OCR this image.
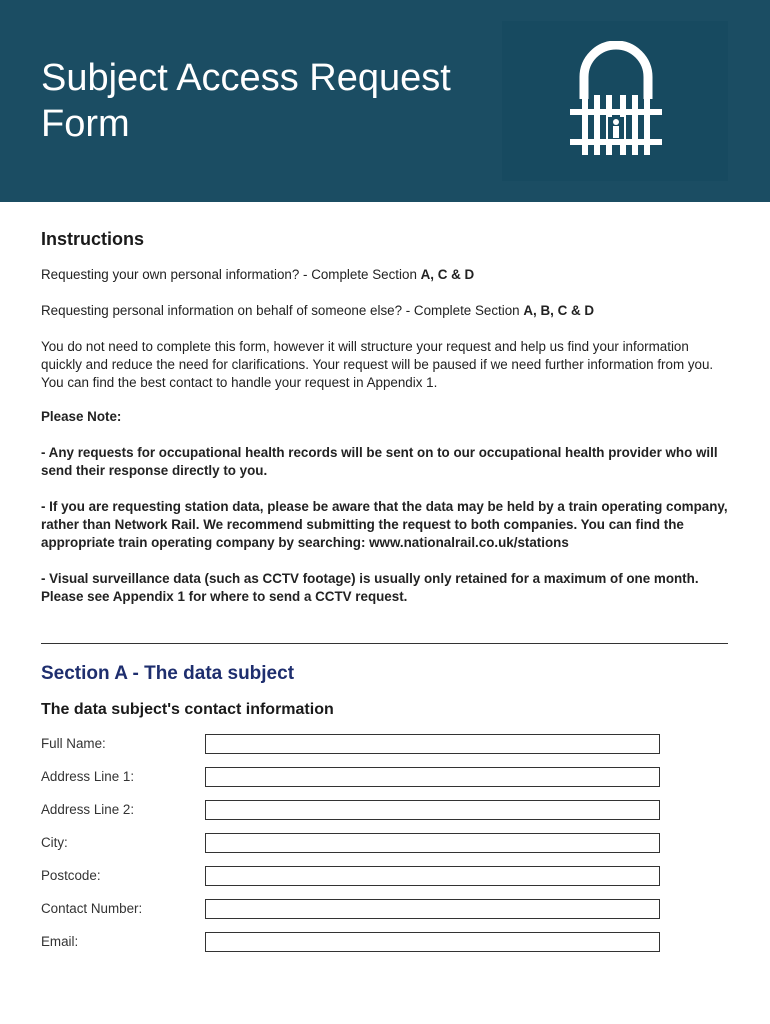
Subject Access Request
Form
Instructions

Requesting your own personal information? - Complete Section A, C & D

Requesting personal information on behalf of someone else? - Complete Section A, B, C & D

You do not need to complete this form, however it will structure your request and help us find your information quickly and reduce the need for clarifications. Your request will be paused if we need further information from you. You can find the best contact to handle your request in Appendix 1.

Please Note:

- Any requests for occupational health records will be sent on to our occupational health provider who will send their response directly to you.

- If you are requesting station data, please be aware that the data may be held by a train operating company, rather than Network Rail. We recommend submitting the request to both companies. You can find the appropriate train operating company by searching: www.nationalrail.co.uk/stations

- Visual surveillance data (such as CCTV footage) is usually only retained for a maximum of one month. Please see Appendix 1 for where to send a CCTV request.

Section A - The data subject
The data subject's contact information
Full Name:
Address Line 1:
Address Line 2:
City:
Postcode:
Contact Number:
Email:
